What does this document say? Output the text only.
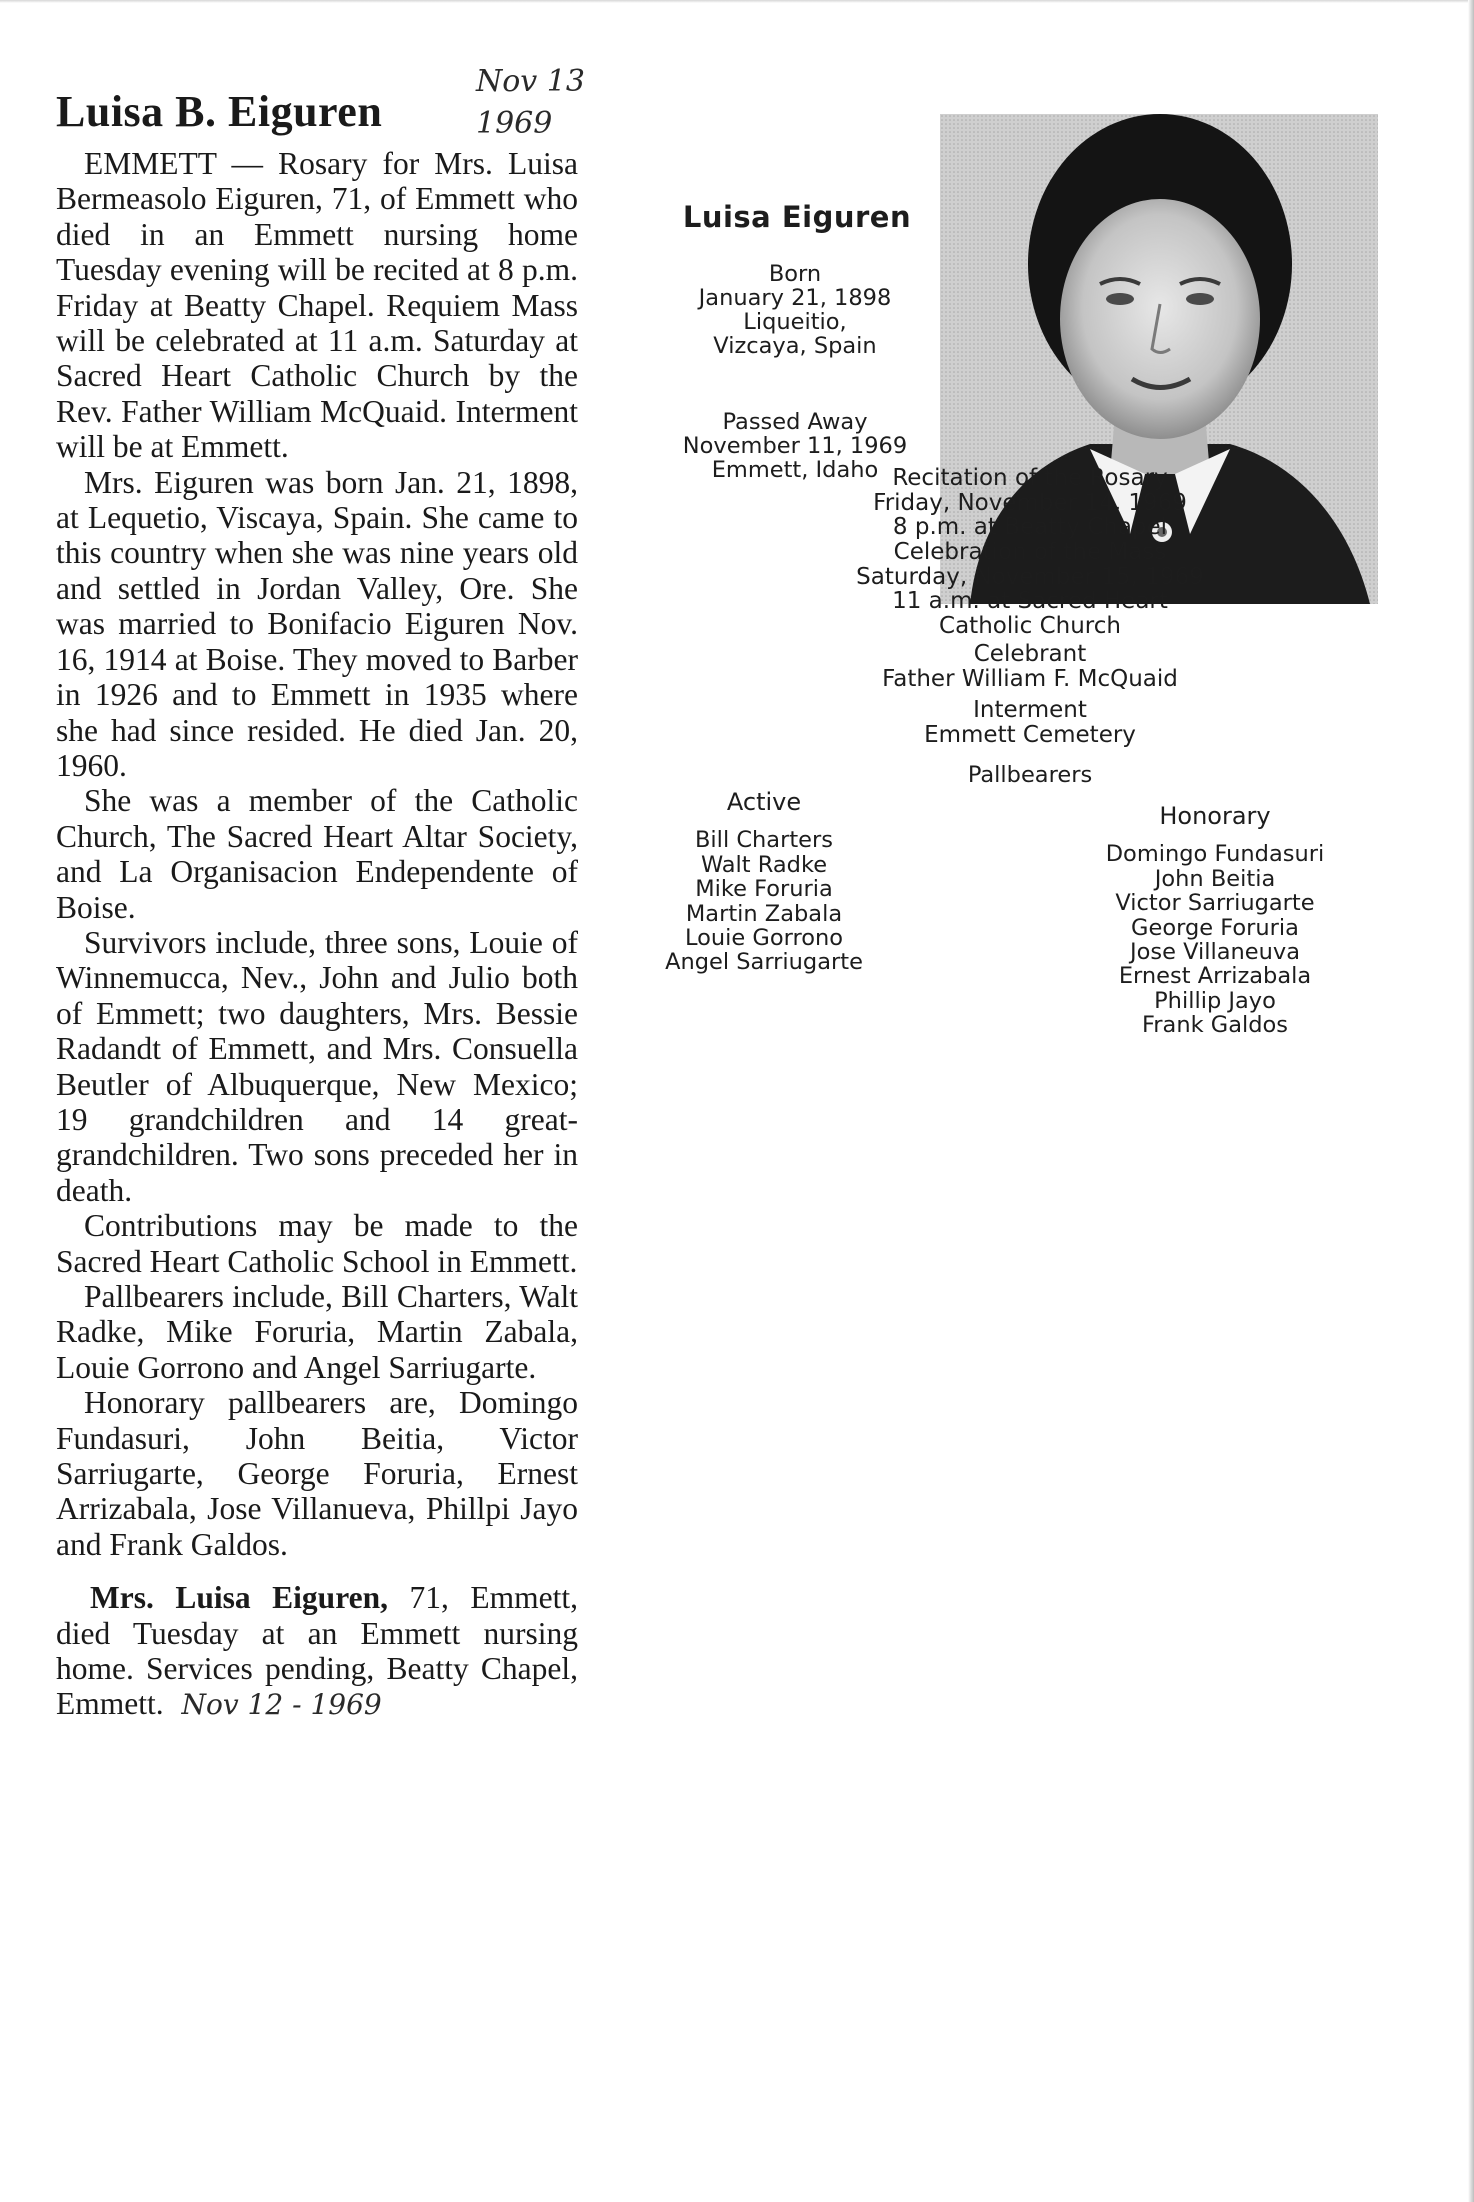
Luisa B. Eiguren
Nov 13
1969

EMMETT — Rosary for Mrs. Luisa Bermeasolo Eiguren, 71, of Emmett who died in an Emmett nursing home Tuesday evening will be recited at 8 p.m. Friday at Beatty Chapel. Requiem Mass will be celebrated at 11 a.m. Saturday at Sacred Heart Catholic Church by the Rev. Father William McQuaid. Interment will be at Emmett.

Mrs. Eiguren was born Jan. 21, 1898, at Lequetio, Viscaya, Spain. She came to this country when she was nine years old and settled in Jordan Valley, Ore. She was married to Bonifacio Eiguren Nov. 16, 1914 at Boise. They moved to Barber in 1926 and to Emmett in 1935 where she had since resided. He died Jan. 20, 1960.

She was a member of the Catholic Church, The Sacred Heart Altar Society, and La Organisacion Endependente of Boise.

Survivors include, three sons, Louie of Winnemucca, Nev., John and Julio both of Emmett; two daughters, Mrs. Bessie Radandt of Emmett, and Mrs. Consuella Beutler of Albuquerque, New Mexico; 19 grandchildren and 14 great-grandchildren. Two sons preceded her in death.

Contributions may be made to the Sacred Heart Catholic School in Emmett.

Pallbearers include, Bill Charters, Walt Radke, Mike Foruria, Martin Zabala, Louie Gorrono and Angel Sarriugarte.

Honorary pallbearers are, Domingo Fundasuri, John Beitia, Victor Sarriugarte, George Foruria, Ernest Arrizabala, Jose Villanueva, Phillpi Jayo and Frank Galdos.

Mrs. Luisa Eiguren, 71, Emmett, died Tuesday at an Emmett nursing home. Services pending, Beatty Chapel, Emmett. Nov 12 - 1969

Luisa Eiguren
Born
January 21, 1898
Liqueitio,
Vizcaya, Spain
Passed Away
November 11, 1969
Emmett, Idaho Recitation of the Rosary
Friday, November 14, 1969
8 p.m. at Beatty Chapel
Celebration of the Mass
Saturday, November 15, 1969
11 a.m. at Sacred Heart
Catholic Church
Celebrant
Father William F. McQuaid
Interment
Emmett Cemetery
Pallbearers
Active
Bill Charters
Walt Radke
Mike Foruria
Martin Zabala
Louie Gorrono
Angel Sarriugarte
Honorary
Domingo Fundasuri
John Beitia
Victor Sarriugarte
George Foruria
Jose Villaneuva
Ernest Arrizabala
Phillip Jayo
Frank Galdos
